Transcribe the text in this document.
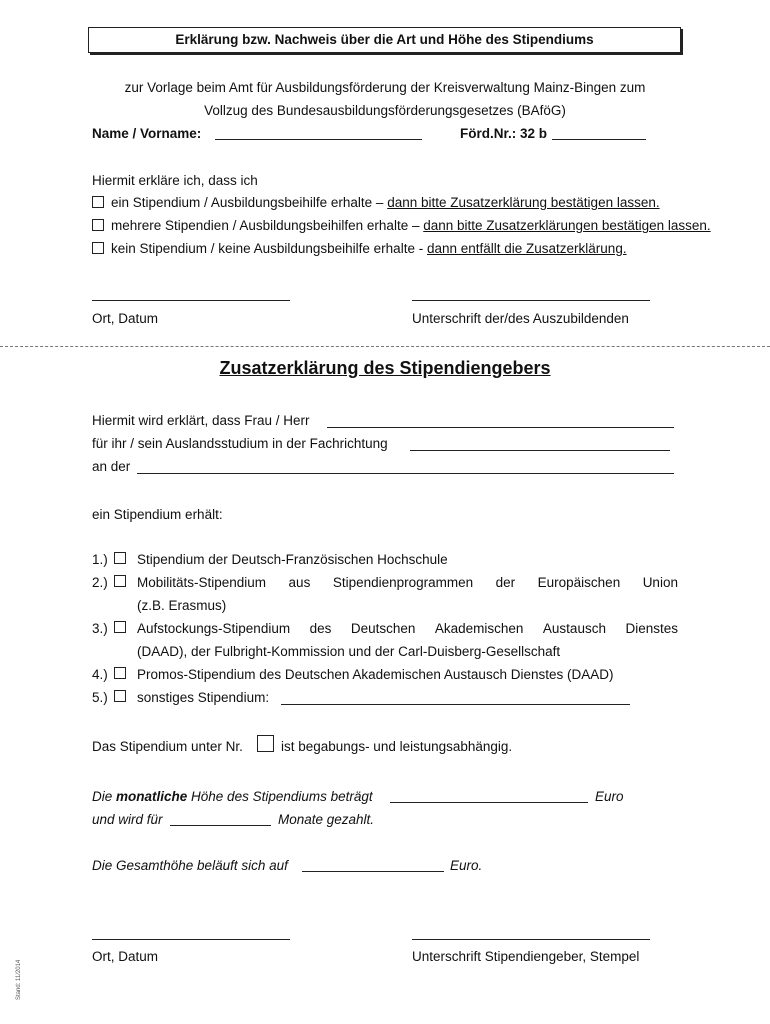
Erklärung bzw. Nachweis über die Art und Höhe des Stipendiums
zur Vorlage beim Amt für Ausbildungsförderung der Kreisverwaltung Mainz-Bingen zum
Vollzug des Bundesausbildungsförderungsgesetzes (BAföG)
Name / Vorname:	Förd.Nr.: 32 b
Hiermit erkläre ich, dass ich
ein Stipendium / Ausbildungsbeihilfe erhalte – dann bitte Zusatzerklärung bestätigen lassen.
mehrere Stipendien / Ausbildungsbeihilfen erhalte – dann bitte Zusatzerklärungen bestätigen lassen.
kein Stipendium / keine Ausbildungsbeihilfe erhalte - dann entfällt die Zusatzerklärung.
Ort, Datum	Unterschrift der/des Auszubildenden
Zusatzerklärung des Stipendiengebers
Hiermit wird erklärt, dass Frau / Herr
für ihr / sein Auslandsstudium in der Fachrichtung
an der
ein Stipendium erhält:
1.) Stipendium der Deutsch-Französischen Hochschule
2.) Mobilitäts-Stipendium aus Stipendienprogrammen der Europäischen Union
(z.B. Erasmus)
3.) Aufstockungs-Stipendium des Deutschen Akademischen Austausch Dienstes
(DAAD), der Fulbright-Kommission und der Carl-Duisberg-Gesellschaft
4.) Promos-Stipendium des Deutschen Akademischen Austausch Dienstes (DAAD)
5.) sonstiges Stipendium:
Das Stipendium unter Nr.	ist begabungs- und leistungsabhängig.
Die monatliche Höhe des Stipendiums beträgt	Euro
und wird für	Monate gezahlt.
Die Gesamthöhe beläuft sich auf	Euro.
Ort, Datum	Unterschrift Stipendiengeber, Stempel
Stand: 11/2014
